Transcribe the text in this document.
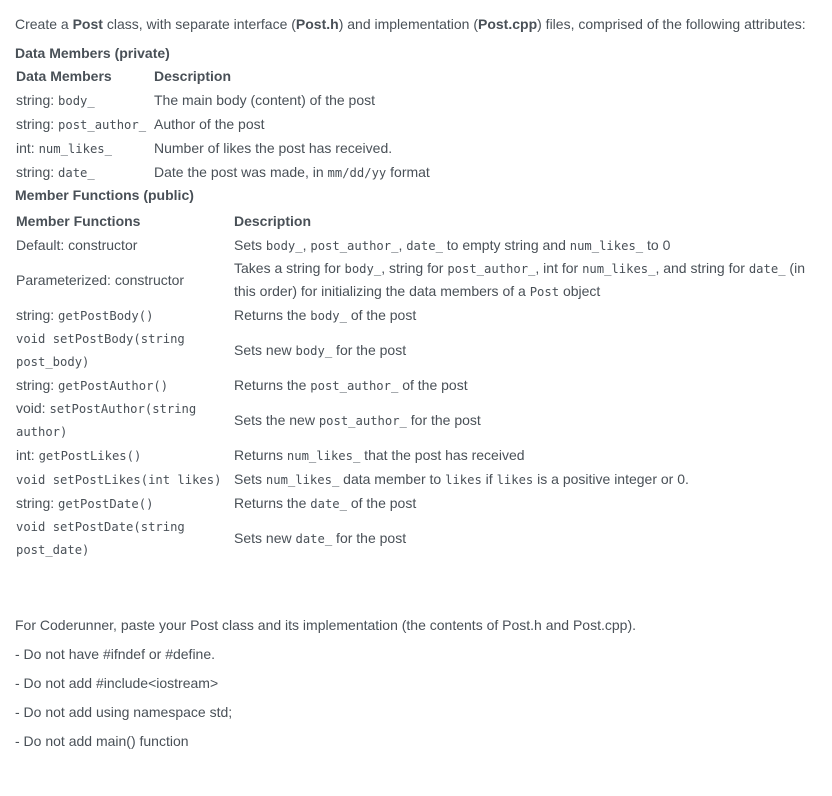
Create a Post class, with separate interface (Post.h) and implementation (Post.cpp) files, comprised of the following attributes:

Data Members (private)
Data Members	Description
string: body_	The main body (content) of the post
string: post_author_	Author of the post
int: num_likes_	Number of likes the post has received.
string: date_	Date the post was made, in mm/dd/yy format
Member Functions (public)
Member Functions	Description
Default: constructor	Sets body_, post_author_, date_ to empty string and num_likes_ to 0
Parameterized: constructor	Takes a string for body_, string for post_author_, int for num_likes_, and string for date_ (in this order) for initializing the data members of a Post object
string: getPostBody()	Returns the body_ of the post
void setPostBody(string post_body)	Sets new body_ for the post
string: getPostAuthor()	Returns the post_author_ of the post
void: setPostAuthor(string author)	Sets the new post_author_ for the post
int: getPostLikes()	Returns num_likes_ that the post has received
void setPostLikes(int likes)	Sets num_likes_ data member to likes if likes is a positive integer or 0.
string: getPostDate()	Returns the date_ of the post
void setPostDate(string post_date)	Sets new date_ for the post

For Coderunner, paste your Post class and its implementation (the contents of Post.h and Post.cpp).

- Do not have #ifndef or #define.

- Do not add #include<iostream>

- Do not add using namespace std;

- Do not add main() function
